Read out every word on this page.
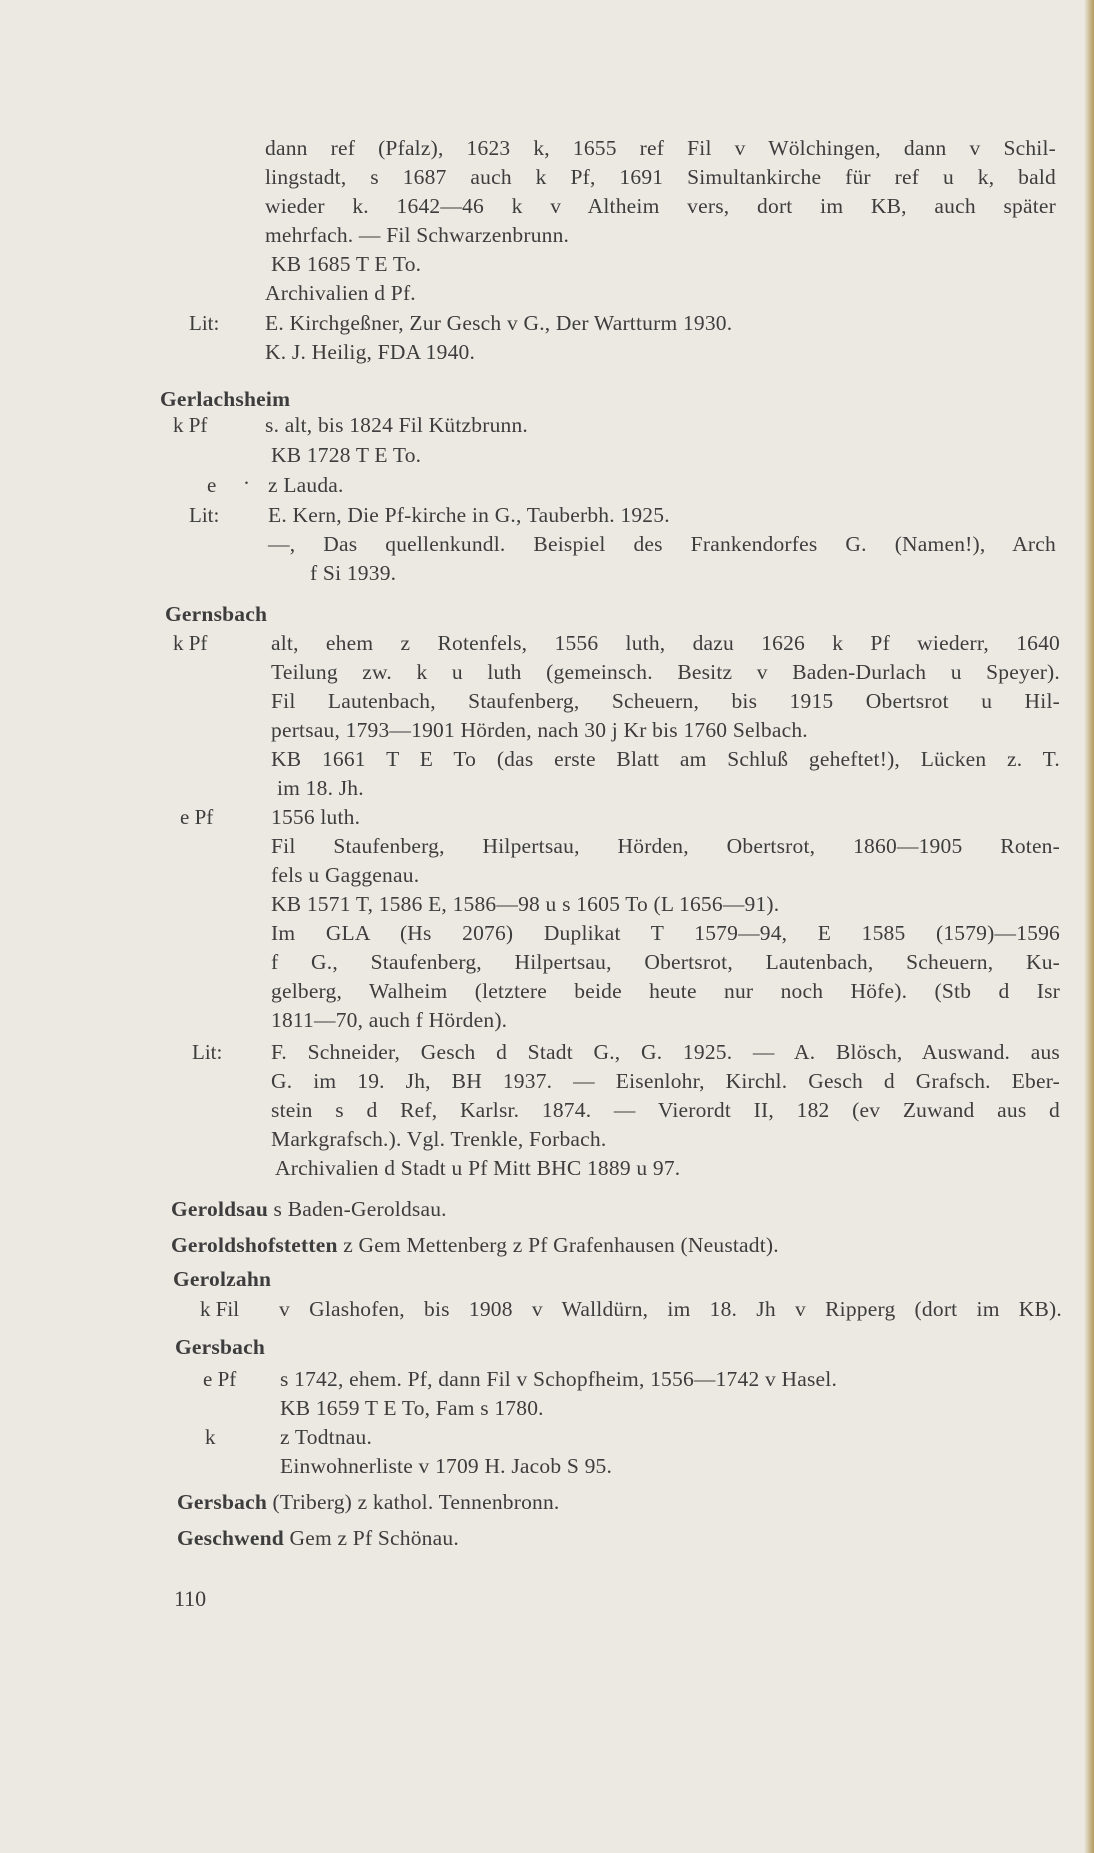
dann ref (Pfalz), 1623 k, 1655 ref Fil v Wölchingen, dann v Schil-
lingstadt, s 1687 auch k Pf, 1691 Simultankirche für ref u k, bald
wieder k. 1642—46 k v Altheim vers, dort im KB, auch später
mehrfach. — Fil Schwarzenbrunn.
KB 1685 T E To.
Archivalien d Pf.
Lit: E. Kirchgeßner, Zur Gesch v G., Der Wartturm 1930.
K. J. Heilig, FDA 1940.
Gerlachsheim
k Pf	s. alt, bis 1824 Fil Kützbrunn.
KB 1728 T E To.
e · z Lauda.
Lit: E. Kern, Die Pf-kirche in G., Tauberbh. 1925.
—, Das quellenkundl. Beispiel des Frankendorfes G. (Namen!), Arch
f Si 1939.
Gernsbach
k Pf	alt, ehem z Rotenfels, 1556 luth, dazu 1626 k Pf wiederr, 1640
Teilung zw. k u luth (gemeinsch. Besitz v Baden-Durlach u Speyer).
Fil Lautenbach, Staufenberg, Scheuern, bis 1915 Obertsrot u Hil-
pertsau, 1793—1901 Hörden, nach 30 j Kr bis 1760 Selbach.
KB 1661 T E To (das erste Blatt am Schluß geheftet!), Lücken z. T.
im 18. Jh.
e Pf	1556 luth.
Fil Staufenberg, Hilpertsau, Hörden, Obertsrot, 1860—1905 Roten-
fels u Gaggenau.
KB 1571 T, 1586 E, 1586—98 u s 1605 To (L 1656—91).
Im GLA (Hs 2076) Duplikat T 1579—94, E 1585 (1579)—1596
f G., Staufenberg, Hilpertsau, Obertsrot, Lautenbach, Scheuern, Ku-
gelberg, Walheim (letztere beide heute nur noch Höfe). (Stb d Isr
1811—70, auch f Hörden).
Lit: F. Schneider, Gesch d Stadt G., G. 1925. — A. Blösch, Auswand. aus
G. im 19. Jh, BH 1937. — Eisenlohr, Kirchl. Gesch d Grafsch. Eber-
stein s d Ref, Karlsr. 1874. — Vierordt II, 182 (ev Zuwand aus d
Markgrafsch.). Vgl. Trenkle, Forbach.
Archivalien d Stadt u Pf Mitt BHC 1889 u 97.
Geroldsau s Baden-Geroldsau.
Geroldshofstetten z Gem Mettenberg z Pf Grafenhausen (Neustadt).
Gerolzahn
k Fil v Glashofen, bis 1908 v Walldürn, im 18. Jh v Ripperg (dort im KB).
Gersbach
e Pf s 1742, ehem. Pf, dann Fil v Schopfheim, 1556—1742 v Hasel.
KB 1659 T E To, Fam s 1780.
k	z Todtnau.
Einwohnerliste v 1709 H. Jacob S 95.
Gersbach (Triberg) z kathol. Tennenbronn.
Geschwend Gem z Pf Schönau.
110
